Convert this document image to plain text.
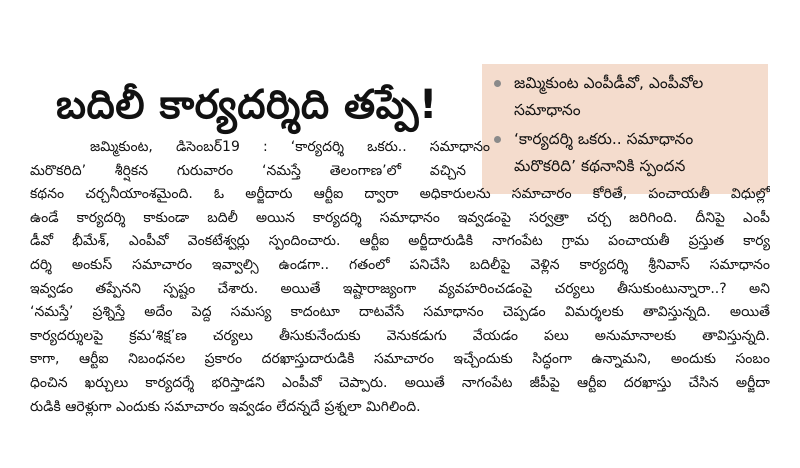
బదిలీ కార్యదర్శిది తప్పే!	జమ్మికుంట ఎంపీడీవో, ఎంపీవోల సమాధానం
‘కార్యదర్శి ఒకరు.. సమాధానం మరొకరిది’ కథనానికి స్పందన
జమ్మికుంట, డిసెంబర్19 : ‘కార్యదర్శి ఒకరు.. సమాధానం
మరొకరిది’ శీర్షికన గురువారం ‘నమస్తే తెలంగాణ’లో వచ్చిన
కథనం చర్చనీయాంశమైంది. ఓ అర్జీదారు ఆర్టీఐ ద్వారా అధికారులను సమాచారం కోరితే, పంచాయతీ విధుల్లో
ఉండే కార్యదర్శి కాకుండా బదిలీ అయిన కార్యదర్శి సమాధానం ఇవ్వడంపై సర్వత్రా చర్చ జరిగింది. దీనిపై ఎంపీ
డీవో భీమేశ్, ఎంపీవో వెంకటేశ్వర్లు స్పందించారు. ఆర్టీఐ అర్జీదారుడికి నాగంపేట గ్రామ పంచాయతీ ప్రస్తుత కార్య
దర్శి అంకుస్ సమాచారం ఇవ్వాల్సి ఉండగా.. గతంలో పనిచేసి బదిలీపై వెళ్లిన కార్యదర్శి శ్రీనివాస్ సమాధానం
ఇవ్వడం తప్పేనని స్పష్టం చేశారు. అయితే ఇష్టారాజ్యంగా వ్యవహరించడంపై చర్యలు తీసుకుంటున్నారా..? అని
‘నమస్తే’ ప్రశ్నిస్తే అదేం పెద్ద సమస్య కాదంటూ దాటవేసే సమాధానం చెప్పడం విమర్శలకు తావిస్తున్నది. అయితే
కార్యదర్శులపై క్రమ‘శిక్ష’ణ చర్యలు తీసుకునేందుకు వెనుకడుగు వేయడం పలు అనుమానాలకు తావిస్తున్నది.
కాగా, ఆర్టీఐ నిబంధనల ప్రకారం దరఖాస్తుదారుడికి సమాచారం ఇచ్చేందుకు సిద్ధంగా ఉన్నామని, అందుకు సంబం
ధించిన ఖర్చులు కార్యదర్శే భరిస్తాడని ఎంపీవో చెప్పారు. అయితే నాగంపేట జీపీపై ఆర్టీఐ దరఖాస్తు చేసిన అర్జీదా
రుడికి ఆరెళ్లుగా ఎందుకు సమాచారం ఇవ్వడం లేదన్నదే ప్రశ్నలా మిగిలింది.
